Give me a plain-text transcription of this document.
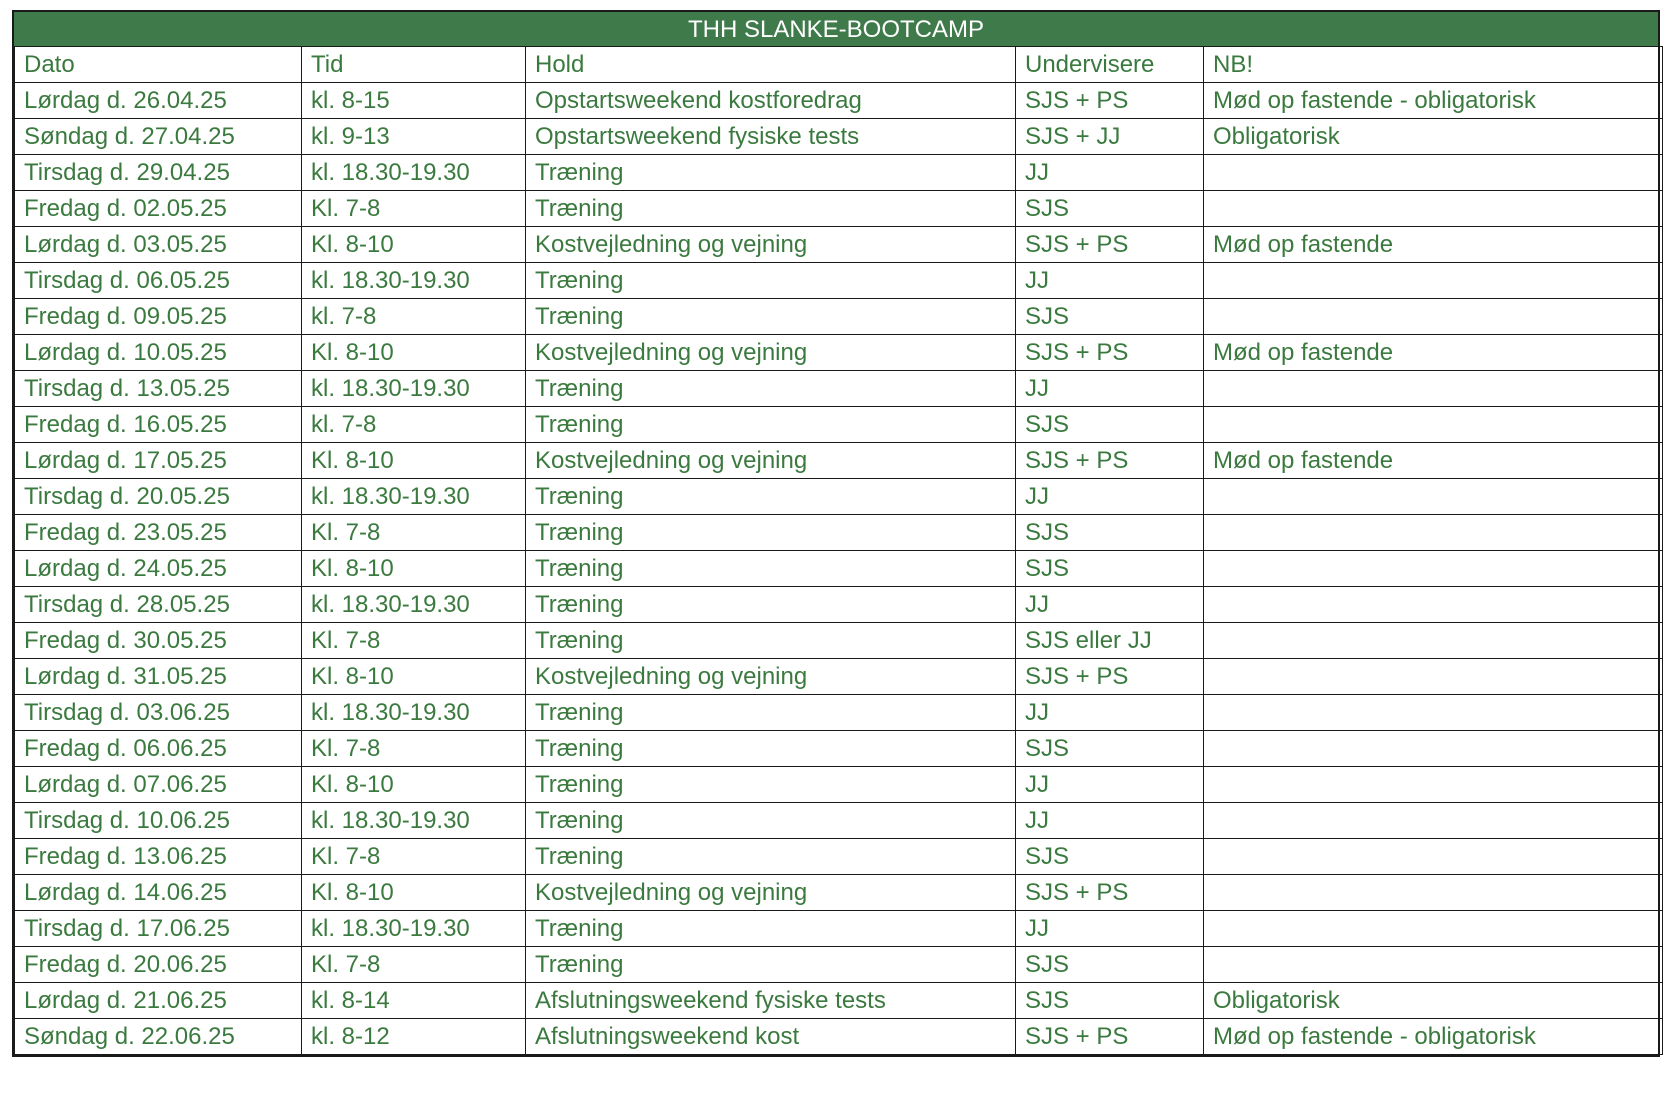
THH SLANKE-BOOTCAMP
Dato	Tid	Hold	Undervisere	NB!
Lørdag d. 26.04.25	kl. 8-15	Opstartsweekend kostforedrag	SJS + PS	Mød op fastende - obligatorisk
Søndag d. 27.04.25	kl. 9-13	Opstartsweekend fysiske tests	SJS + JJ	Obligatorisk
Tirsdag d. 29.04.25	kl. 18.30-19.30	Træning	JJ	
Fredag d. 02.05.25	Kl. 7-8	Træning	SJS	
Lørdag d. 03.05.25	Kl. 8-10	Kostvejledning og vejning	SJS + PS	Mød op fastende
Tirsdag d. 06.05.25	kl. 18.30-19.30	Træning	JJ	
Fredag d. 09.05.25	kl. 7-8	Træning	SJS	
Lørdag d. 10.05.25	Kl. 8-10	Kostvejledning og vejning	SJS + PS	Mød op fastende
Tirsdag d. 13.05.25	kl. 18.30-19.30	Træning	JJ	
Fredag d. 16.05.25	kl. 7-8	Træning	SJS	
Lørdag d. 17.05.25	Kl. 8-10	Kostvejledning og vejning	SJS + PS	Mød op fastende
Tirsdag d. 20.05.25	kl. 18.30-19.30	Træning	JJ	
Fredag d. 23.05.25	Kl. 7-8	Træning	SJS	
Lørdag d. 24.05.25	Kl. 8-10	Træning	SJS	
Tirsdag d. 28.05.25	kl. 18.30-19.30	Træning	JJ	
Fredag d. 30.05.25	Kl. 7-8	Træning	SJS eller JJ	
Lørdag d. 31.05.25	Kl. 8-10	Kostvejledning og vejning	SJS + PS	
Tirsdag d. 03.06.25	kl. 18.30-19.30	Træning	JJ	
Fredag d. 06.06.25	Kl. 7-8	Træning	SJS	
Lørdag d. 07.06.25	Kl. 8-10	Træning	JJ	
Tirsdag d. 10.06.25	kl. 18.30-19.30	Træning	JJ	
Fredag d. 13.06.25	Kl. 7-8	Træning	SJS	
Lørdag d. 14.06.25	Kl. 8-10	Kostvejledning og vejning	SJS + PS	
Tirsdag d. 17.06.25	kl. 18.30-19.30	Træning	JJ	
Fredag d. 20.06.25	Kl. 7-8	Træning	SJS	
Lørdag d. 21.06.25	kl. 8-14	Afslutningsweekend fysiske tests	SJS	Obligatorisk
Søndag d. 22.06.25	kl. 8-12	Afslutningsweekend kost	SJS + PS	Mød op fastende - obligatorisk
